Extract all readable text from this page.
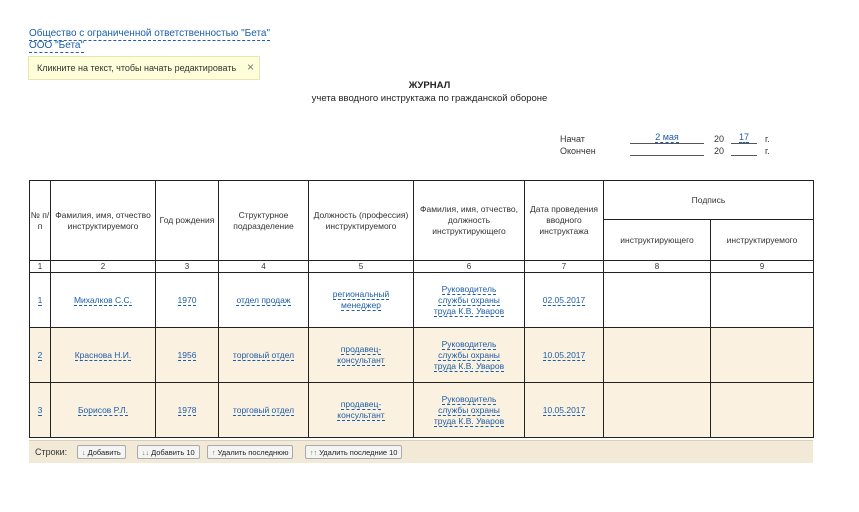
Общество с ограниченной ответственностью "Бета"
ООО "Бета"
Кликните на текст, чтобы начать редактировать ×
ЖУРНАЛ
учета вводного инструктажа по гражданской обороне
Начат	2 мая	20	17	г.
Окончен	20	г.
№ п/п	Фамилия, имя, отчество инструктируемого	Год рождения	Структурное подразделение	Должность (профессия) инструктируемого	Фамилия, имя, отчество, должность инструктирующего	Дата проведения вводного инструктажа	Подпись	
							инструктирующего	инструктируемого
1	2	3	4	5	6	7	8	9
1	Михалков С.С.	1970	отдел продаж	региональный менеджер	Руководитель службы охраны труда К.В. Уваров	02.05.2017		
2	Краснова Н.И.	1956	торговый отдел	продавец-консультант	Руководитель службы охраны труда К.В. Уваров	10.05.2017		
3	Борисов Р.Л.	1978	торговый отдел	продавец-консультант	Руководитель службы охраны труда К.В. Уваров	10.05.2017		
Строки:	↓ Добавить	↓↓ Добавить 10	↑ Удалить последнюю	↑↑ Удалить последние 10
